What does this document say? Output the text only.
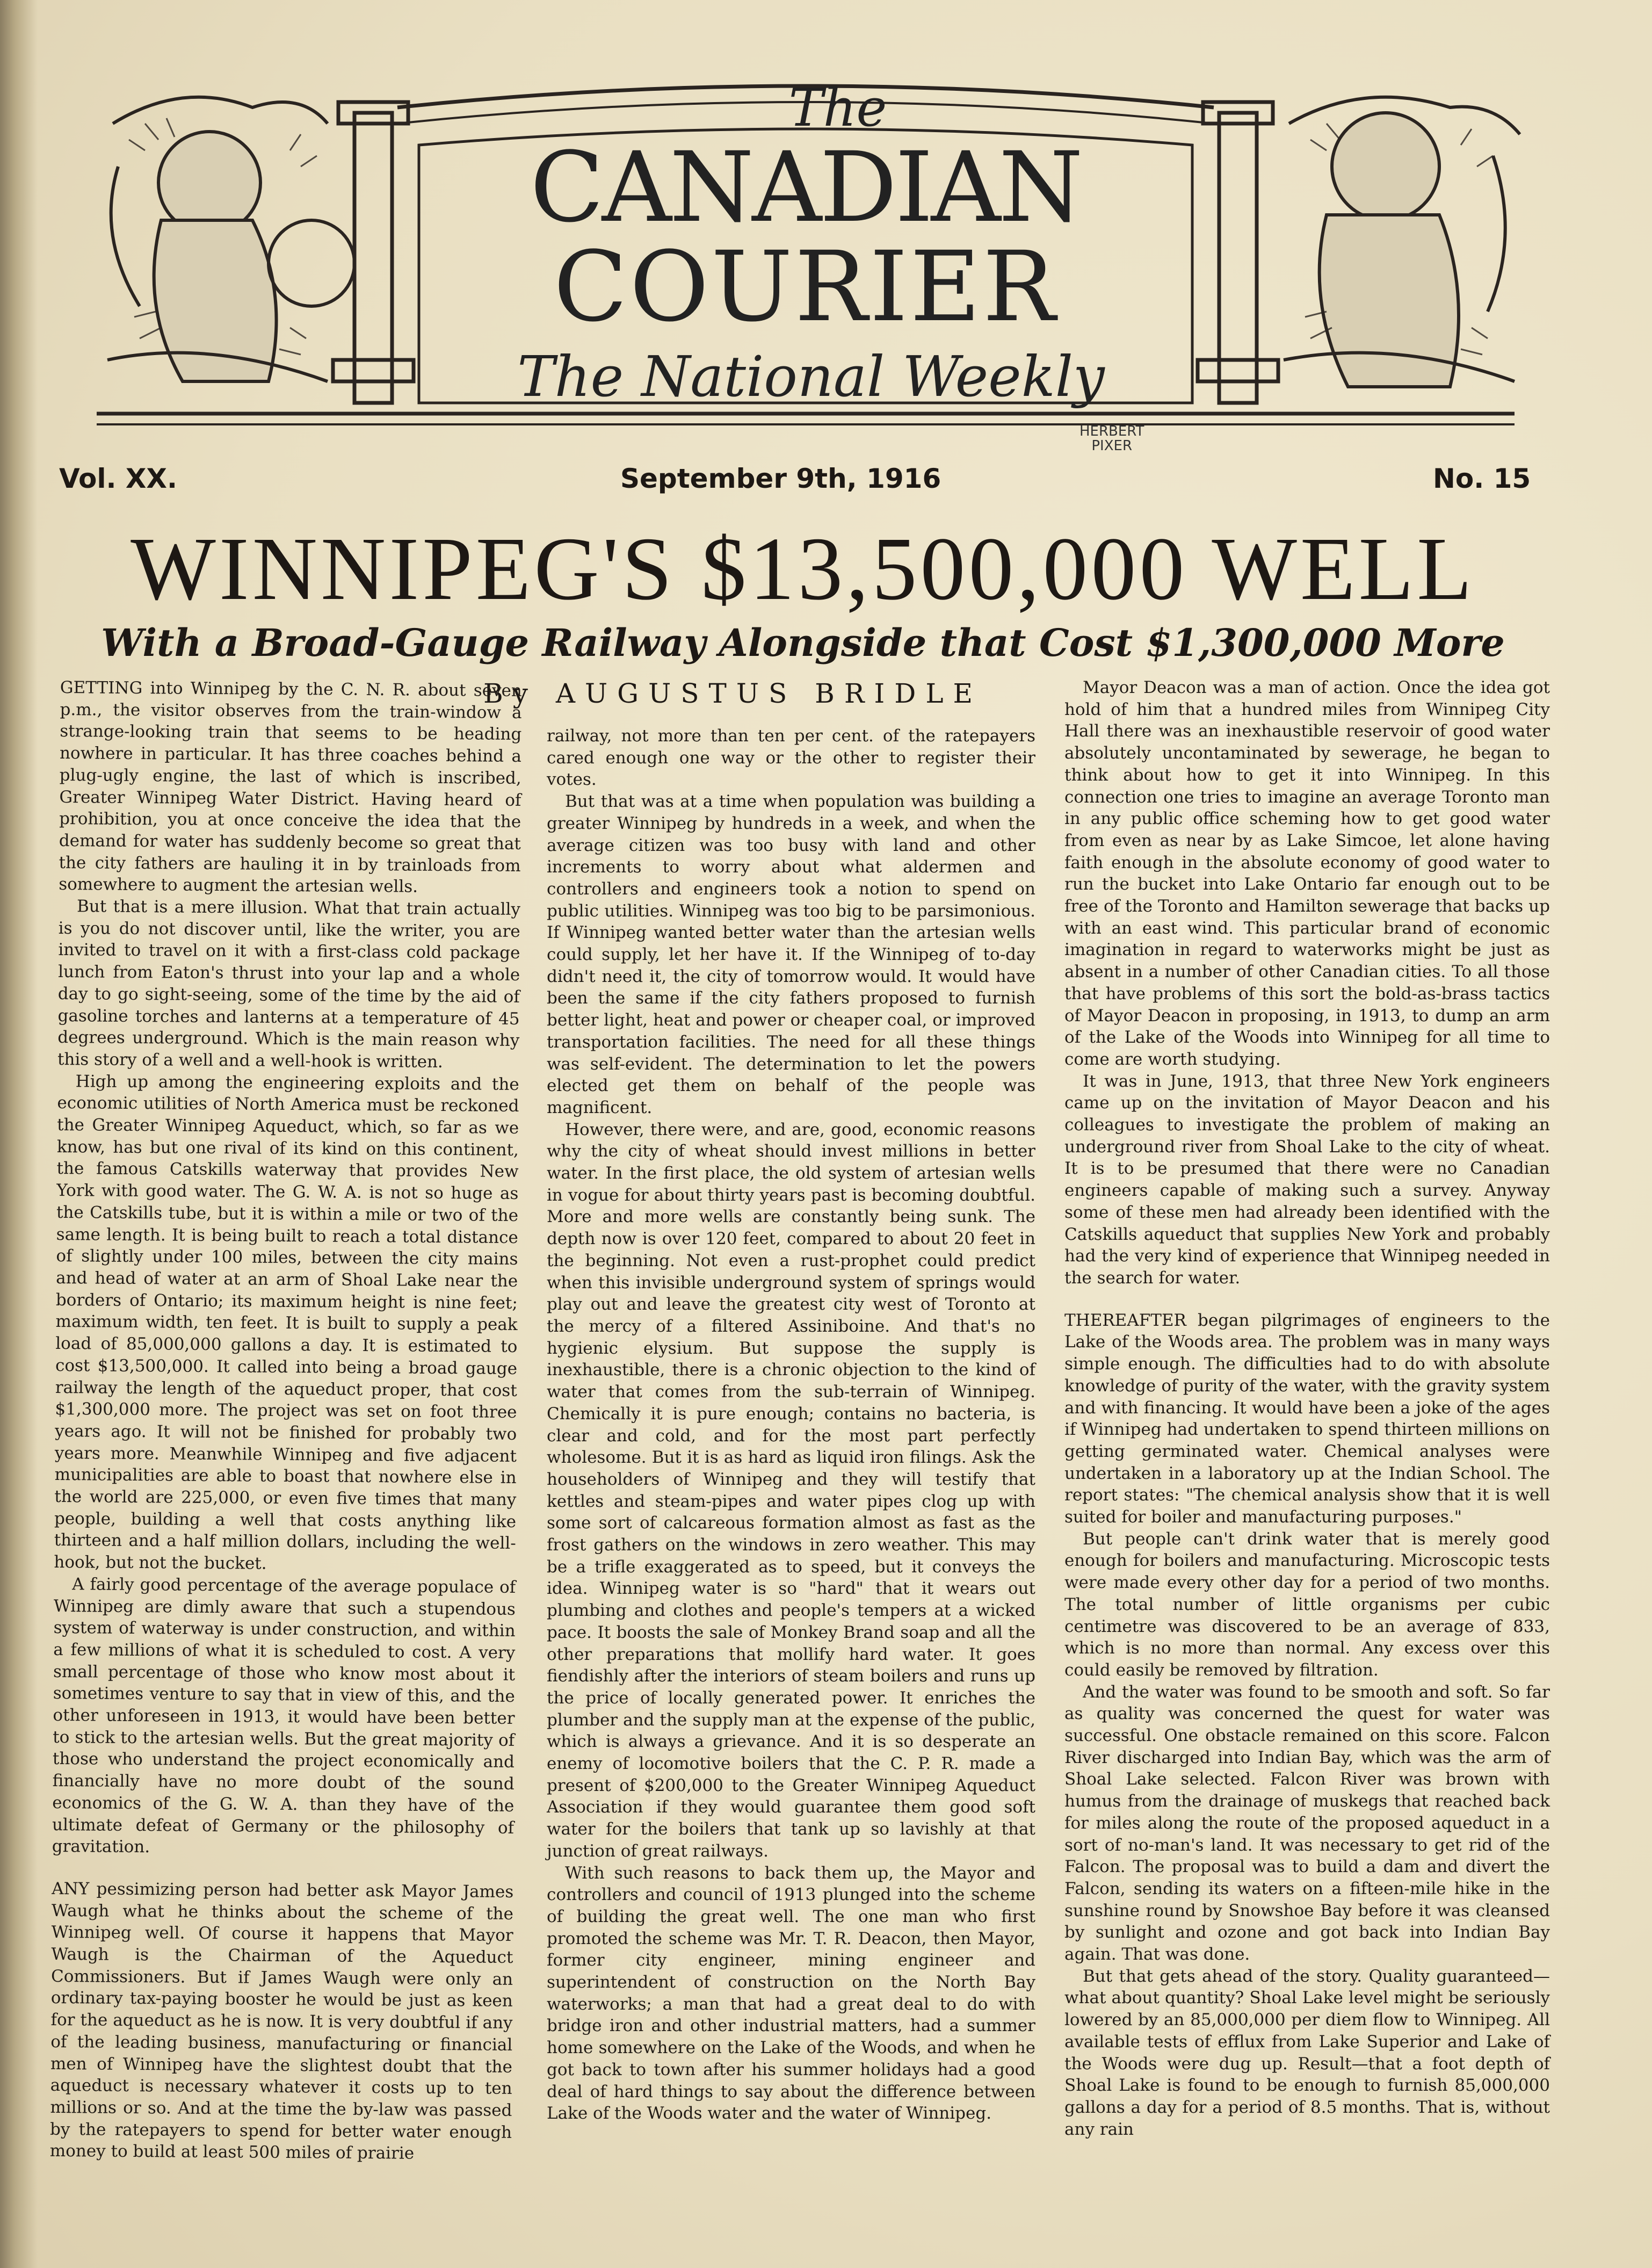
The
CANADIAN
COURIER
The National Weekly
HERBERT
PIXER
Vol. XX.	September 9th, 1916	No. 15
WINNIPEG'S $13,500,000 WELL
With a Broad-Gauge Railway Alongside that Cost $1,300,000 More
By AUGUSTUS BRIDLE

GETTING into Winnipeg by the C. N. R. about seven p.m., the visitor observes from the train-window a strange-looking train that seems to be heading nowhere in particular. It has three coaches behind a plug-ugly engine, the last of which is inscribed, Greater Winnipeg Water District. Having heard of prohibition, you at once conceive the idea that the demand for water has suddenly become so great that the city fathers are hauling it in by trainloads from somewhere to augment the artesian wells.

But that is a mere illusion. What that train actually is you do not discover until, like the writer, you are invited to travel on it with a first-class cold package lunch from Eaton's thrust into your lap and a whole day to go sight-seeing, some of the time by the aid of gasoline torches and lanterns at a temperature of 45 degrees underground. Which is the main reason why this story of a well and a well-hook is written.

High up among the engineering exploits and the economic utilities of North America must be reckoned the Greater Winnipeg Aqueduct, which, so far as we know, has but one rival of its kind on this continent, the famous Catskills waterway that provides New York with good water. The G. W. A. is not so huge as the Catskills tube, but it is within a mile or two of the same length. It is being built to reach a total distance of slightly under 100 miles, between the city mains and head of water at an arm of Shoal Lake near the borders of Ontario; its maximum height is nine feet; maximum width, ten feet. It is built to supply a peak load of 85,000,000 gallons a day. It is estimated to cost $13,500,000. It called into being a broad gauge railway the length of the aqueduct proper, that cost $1,300,000 more. The project was set on foot three years ago. It will not be finished for probably two years more. Meanwhile Winnipeg and five adjacent municipalities are able to boast that nowhere else in the world are 225,000, or even five times that many people, building a well that costs anything like thirteen and a half million dollars, including the well-hook, but not the bucket.

A fairly good percentage of the average populace of Winnipeg are dimly aware that such a stupendous system of waterway is under construction, and within a few millions of what it is scheduled to cost. A very small percentage of those who know most about it sometimes venture to say that in view of this, and the other unforeseen in 1913, it would have been better to stick to the artesian wells. But the great majority of those who understand the project economically and financially have no more doubt of the sound economics of the G. W. A. than they have of the ultimate defeat of Germany or the philosophy of gravitation.

ANY pessimizing person had better ask Mayor James Waugh what he thinks about the scheme of the Winnipeg well. Of course it happens that Mayor Waugh is the Chairman of the Aqueduct Commissioners. But if James Waugh were only an ordinary tax-paying booster he would be just as keen for the aqueduct as he is now. It is very doubtful if any of the leading business, manufacturing or financial men of Winnipeg have the slightest doubt that the aqueduct is necessary whatever it costs up to ten millions or so. And at the time the by-law was passed by the ratepayers to spend for better water enough money to build at least 500 miles of prairie

railway, not more than ten per cent. of the ratepayers cared enough one way or the other to register their votes.

But that was at a time when population was building a greater Winnipeg by hundreds in a week, and when the average citizen was too busy with land and other increments to worry about what aldermen and controllers and engineers took a notion to spend on public utilities. Winnipeg was too big to be parsimonious. If Winnipeg wanted better water than the artesian wells could supply, let her have it. If the Winnipeg of to-day didn't need it, the city of tomorrow would. It would have been the same if the city fathers proposed to furnish better light, heat and power or cheaper coal, or improved transportation facilities. The need for all these things was self-evident. The determination to let the powers elected get them on behalf of the people was magnificent.

However, there were, and are, good, economic reasons why the city of wheat should invest millions in better water. In the first place, the old system of artesian wells in vogue for about thirty years past is becoming doubtful. More and more wells are constantly being sunk. The depth now is over 120 feet, compared to about 20 feet in the beginning. Not even a rust-prophet could predict when this invisible underground system of springs would play out and leave the greatest city west of Toronto at the mercy of a filtered Assiniboine. And that's no hygienic elysium. But suppose the supply is inexhaustible, there is a chronic objection to the kind of water that comes from the sub-terrain of Winnipeg. Chemically it is pure enough; contains no bacteria, is clear and cold, and for the most part perfectly wholesome. But it is as hard as liquid iron filings. Ask the householders of Winnipeg and they will testify that kettles and steam-pipes and water pipes clog up with some sort of calcareous formation almost as fast as the frost gathers on the windows in zero weather. This may be a trifle exaggerated as to speed, but it conveys the idea. Winnipeg water is so "hard" that it wears out plumbing and clothes and people's tempers at a wicked pace. It boosts the sale of Monkey Brand soap and all the other preparations that mollify hard water. It goes fiendishly after the interiors of steam boilers and runs up the price of locally generated power. It enriches the plumber and the supply man at the expense of the public, which is always a grievance. And it is so desperate an enemy of locomotive boilers that the C. P. R. made a present of $200,000 to the Greater Winnipeg Aqueduct Association if they would guarantee them good soft water for the boilers that tank up so lavishly at that junction of great railways.

With such reasons to back them up, the Mayor and controllers and council of 1913 plunged into the scheme of building the great well. The one man who first promoted the scheme was Mr. T. R. Deacon, then Mayor, former city engineer, mining engineer and superintendent of construction on the North Bay waterworks; a man that had a great deal to do with bridge iron and other industrial matters, had a summer home somewhere on the Lake of the Woods, and when he got back to town after his summer holidays had a good deal of hard things to say about the difference between Lake of the Woods water and the water of Winnipeg.

Mayor Deacon was a man of action. Once the idea got hold of him that a hundred miles from Winnipeg City Hall there was an inexhaustible reservoir of good water absolutely uncontaminated by sewerage, he began to think about how to get it into Winnipeg. In this connection one tries to imagine an average Toronto man in any public office scheming how to get good water from even as near by as Lake Simcoe, let alone having faith enough in the absolute economy of good water to run the bucket into Lake Ontario far enough out to be free of the Toronto and Hamilton sewerage that backs up with an east wind. This particular brand of economic imagination in regard to waterworks might be just as absent in a number of other Canadian cities. To all those that have problems of this sort the bold-as-brass tactics of Mayor Deacon in proposing, in 1913, to dump an arm of the Lake of the Woods into Winnipeg for all time to come are worth studying.

It was in June, 1913, that three New York engineers came up on the invitation of Mayor Deacon and his colleagues to investigate the problem of making an underground river from Shoal Lake to the city of wheat. It is to be presumed that there were no Canadian engineers capable of making such a survey. Anyway some of these men had already been identified with the Catskills aqueduct that supplies New York and probably had the very kind of experience that Winnipeg needed in the search for water.

THEREAFTER began pilgrimages of engineers to the Lake of the Woods area. The problem was in many ways simple enough. The difficulties had to do with absolute knowledge of purity of the water, with the gravity system and with financing. It would have been a joke of the ages if Winnipeg had undertaken to spend thirteen millions on getting germinated water. Chemical analyses were undertaken in a laboratory up at the Indian School. The report states: "The chemical analysis show that it is well suited for boiler and manufacturing purposes."

But people can't drink water that is merely good enough for boilers and manufacturing. Microscopic tests were made every other day for a period of two months. The total number of little organisms per cubic centimetre was discovered to be an average of 833, which is no more than normal. Any excess over this could easily be removed by filtration.

And the water was found to be smooth and soft. So far as quality was concerned the quest for water was successful. One obstacle remained on this score. Falcon River discharged into Indian Bay, which was the arm of Shoal Lake selected. Falcon River was brown with humus from the drainage of muskegs that reached back for miles along the route of the proposed aqueduct in a sort of no-man's land. It was necessary to get rid of the Falcon. The proposal was to build a dam and divert the Falcon, sending its waters on a fifteen-mile hike in the sunshine round by Snowshoe Bay before it was cleansed by sunlight and ozone and got back into Indian Bay again. That was done.

But that gets ahead of the story. Quality guaranteed—what about quantity? Shoal Lake level might be seriously lowered by an 85,000,000 per diem flow to Winnipeg. All available tests of efflux from Lake Superior and Lake of the Woods were dug up. Result—that a foot depth of Shoal Lake is found to be enough to furnish 85,000,000 gallons a day for a period of 8.5 months. That is, without any rain
